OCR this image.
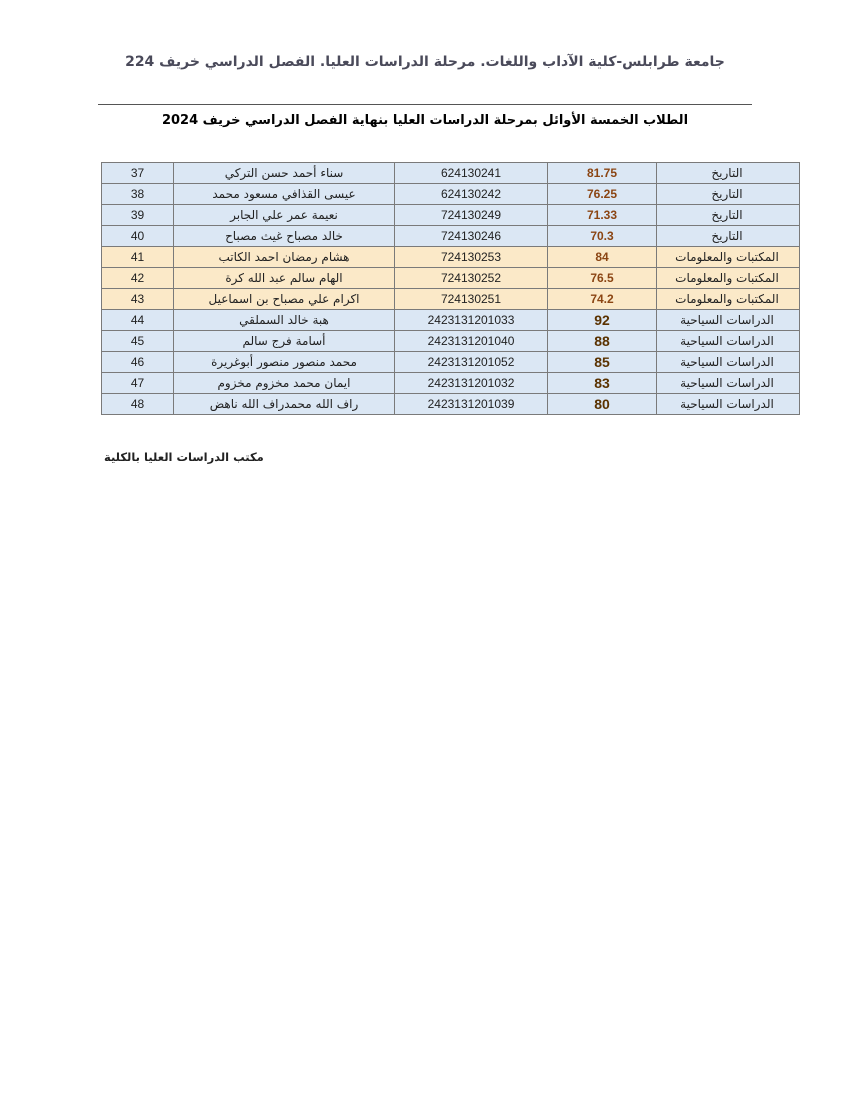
جامعة طرابلس-كلية الآداب واللغات. مرحلة الدراسات العليا. الفصل الدراسي خريف 224
الطلاب الخمسة الأوائل بمرحلة الدراسات العليا بنهاية الفصل الدراسي خريف 2024
37	سناء أحمد حسن التركي	624130241	81.75	التاريخ
38	عيسى القذافي مسعود محمد	624130242	76.25	التاريخ
39	نعيمة عمر علي الجابر	724130249	71.33	التاريخ
40	خالد مصباح غيث مصباح	724130246	70.3	التاريخ
41	هشام رمضان احمد الكاتب	724130253	84	المكتبات والمعلومات
42	الهام سالم عبد الله كرة	724130252	76.5	المكتبات والمعلومات
43	اكرام علي مصباح بن اسماعيل	724130251	74.2	المكتبات والمعلومات
44	هبة خالد السملقي	2423131201033	92	الدراسات السياحية
45	أسامة فرج سالم	2423131201040	88	الدراسات السياحية
46	محمد منصور منصور أبوغريرة	2423131201052	85	الدراسات السياحية
47	ايمان محمد مخزوم مخزوم	2423131201032	83	الدراسات السياحية
48	راف الله محمدراف الله ناهض	2423131201039	80	الدراسات السياحية
مكتب الدراسات العليا بالكلية
